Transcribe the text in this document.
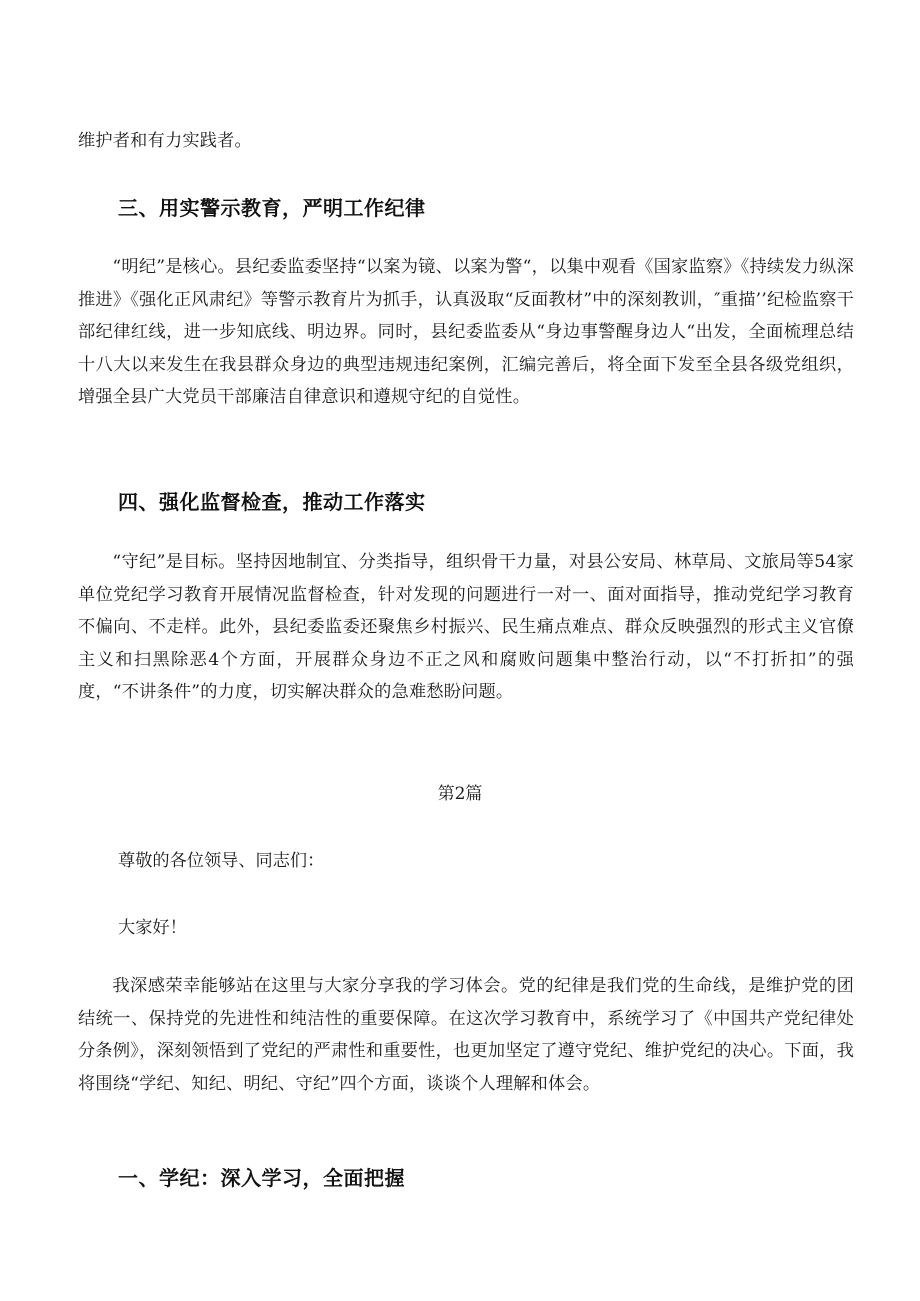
维护者和有力实践者。

三、用实警示教育，严明工作纪律

“明纪”是核心。县纪委监委坚持“以案为镜、以案为警“，以集中观看《国家监察》《持续发力纵深推进》《强化正风肃纪》等警示教育片为抓手，认真汲取“反面教材”中的深刻教训，″重描’’纪检监察干部纪律红线，进一步知底线、明边界。同时，县纪委监委从“身边事警醒身边人“出发，全面梳理总结十八大以来发生在我县群众身边的典型违规违纪案例，汇编完善后，将全面下发至全县各级党组织，增强全县广大党员干部廉洁自律意识和遵规守纪的自觉性。

四、强化监督检查，推动工作落实

“守纪”是目标。坚持因地制宜、分类指导，组织骨干力量，对县公安局、林草局、文旅局等54家单位党纪学习教育开展情况监督检查，针对发现的问题进行一对一、面对面指导，推动党纪学习教育不偏向、不走样。此外，县纪委监委还聚焦乡村振兴、民生痛点难点、群众反映强烈的形式主义官僚主义和扫黑除恶4个方面，开展群众身边不正之风和腐败问题集中整治行动，以“不打折扣”的强度，“不讲条件”的力度，切实解决群众的急难愁盼问题。

第2篇

尊敬的各位领导、同志们：

大家好！

我深感荣幸能够站在这里与大家分享我的学习体会。党的纪律是我们党的生命线，是维护党的团结统一、保持党的先进性和纯洁性的重要保障。在这次学习教育中，系统学习了《中国共产党纪律处分条例》，深刻领悟到了党纪的严肃性和重要性，也更加坚定了遵守党纪、维护党纪的决心。下面，我将围绕“学纪、知纪、明纪、守纪”四个方面，谈谈个人理解和体会。

一、学纪：深入学习，全面把握
